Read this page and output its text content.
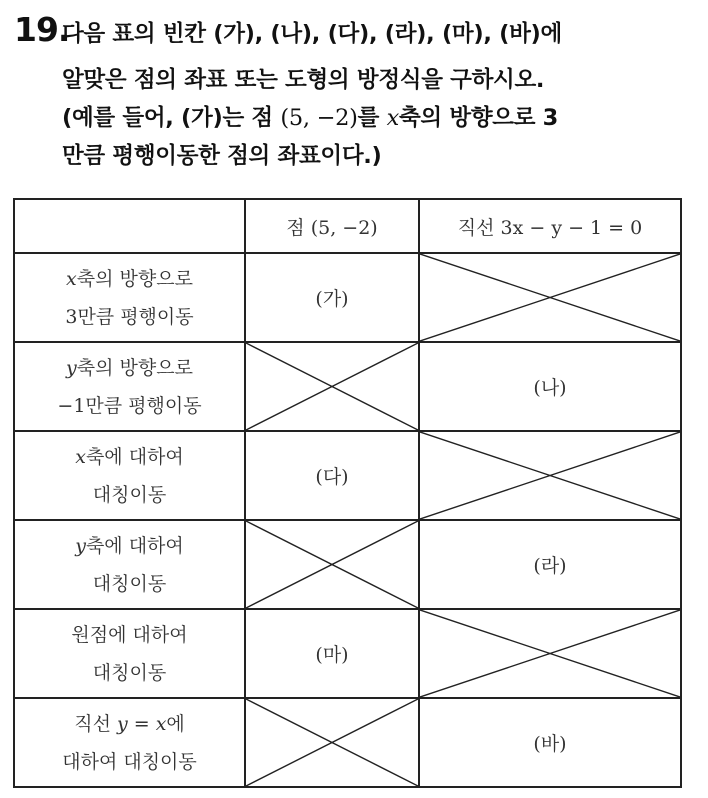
19.
다음 표의 빈칸 (가), (나), (다), (라), (마), (바)에
알맞은 점의 좌표 또는 도형의 방정식을 구하시오.
(예를 들어, (가)는 점 (5, −2)를 x축의 방향으로 3
만큼 평행이동한 점의 좌표이다.)
	점 (5, −2)	직선 3x − y − 1 = 0

x축의 방향으로
3만큼 평행이동	(가)	

y축의 방향으로
−1만큼 평행이동		(나)

x축에 대하여
대칭이동	(다)	

y축에 대하여
대칭이동		(라)

원점에 대하여
대칭이동	(마)	

직선 y = x에
대하여 대칭이동		(바)
